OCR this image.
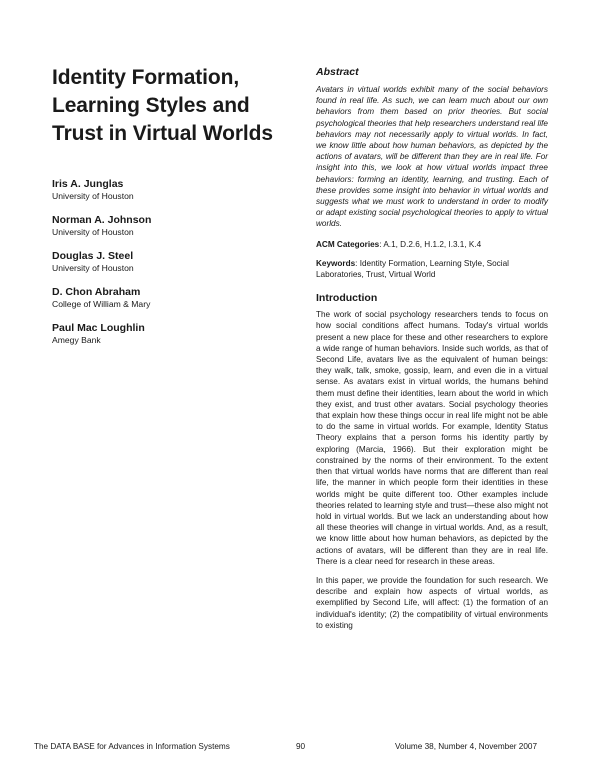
Identity Formation, Learning Styles and Trust in Virtual Worlds
Iris A. Junglas
University of Houston
Norman A. Johnson
University of Houston
Douglas J. Steel
University of Houston
D. Chon Abraham
College of William & Mary
Paul Mac Loughlin
Amegy Bank
Abstract

Avatars in virtual worlds exhibit many of the social behaviors found in real life. As such, we can learn much about our own behaviors from them based on prior theories. But social psychological theories that help researchers understand real life behaviors may not necessarily apply to virtual worlds. In fact, we know little about how human behaviors, as depicted by the actions of avatars, will be different than they are in real life. For insight into this, we look at how virtual worlds impact three behaviors: forming an identity, learning, and trusting. Each of these provides some insight into behavior in virtual worlds and suggests what we must work to understand in order to modify or adapt existing social psychological theories to apply to virtual worlds.

ACM Categories: A.1, D.2.6, H.1.2, I.3.1, K.4

Keywords: Identity Formation, Learning Style, Social Laboratories, Trust, Virtual World

Introduction

The work of social psychology researchers tends to focus on how social conditions affect humans. Today's virtual worlds present a new place for these and other researchers to explore a wide range of human behaviors. Inside such worlds, as that of Second Life, avatars live as the equivalent of human beings: they walk, talk, smoke, gossip, learn, and even die in a virtual sense. As avatars exist in virtual worlds, the humans behind them must define their identities, learn about the world in which they exist, and trust other avatars. Social psychology theories that explain how these things occur in real life might not be able to do the same in virtual worlds. For example, Identity Status Theory explains that a person forms his identity partly by exploring (Marcia, 1966). But their exploration might be constrained by the norms of their environment. To the extent then that virtual worlds have norms that are different than real life, the manner in which people form their identities in these worlds might be quite different too. Other examples include theories related to learning style and trust—these also might not hold in virtual worlds. But we lack an understanding about how all these theories will change in virtual worlds. And, as a result, we know little about how human behaviors, as depicted by the actions of avatars, will be different than they are in real life. There is a clear need for research in these areas.

In this paper, we provide the foundation for such research. We describe and explain how aspects of virtual worlds, as exemplified by Second Life, will affect: (1) the formation of an individual's identity; (2) the compatibility of virtual environments to existing

The DATA BASE for Advances in Information Systems	90	Volume 38, Number 4, November 2007
